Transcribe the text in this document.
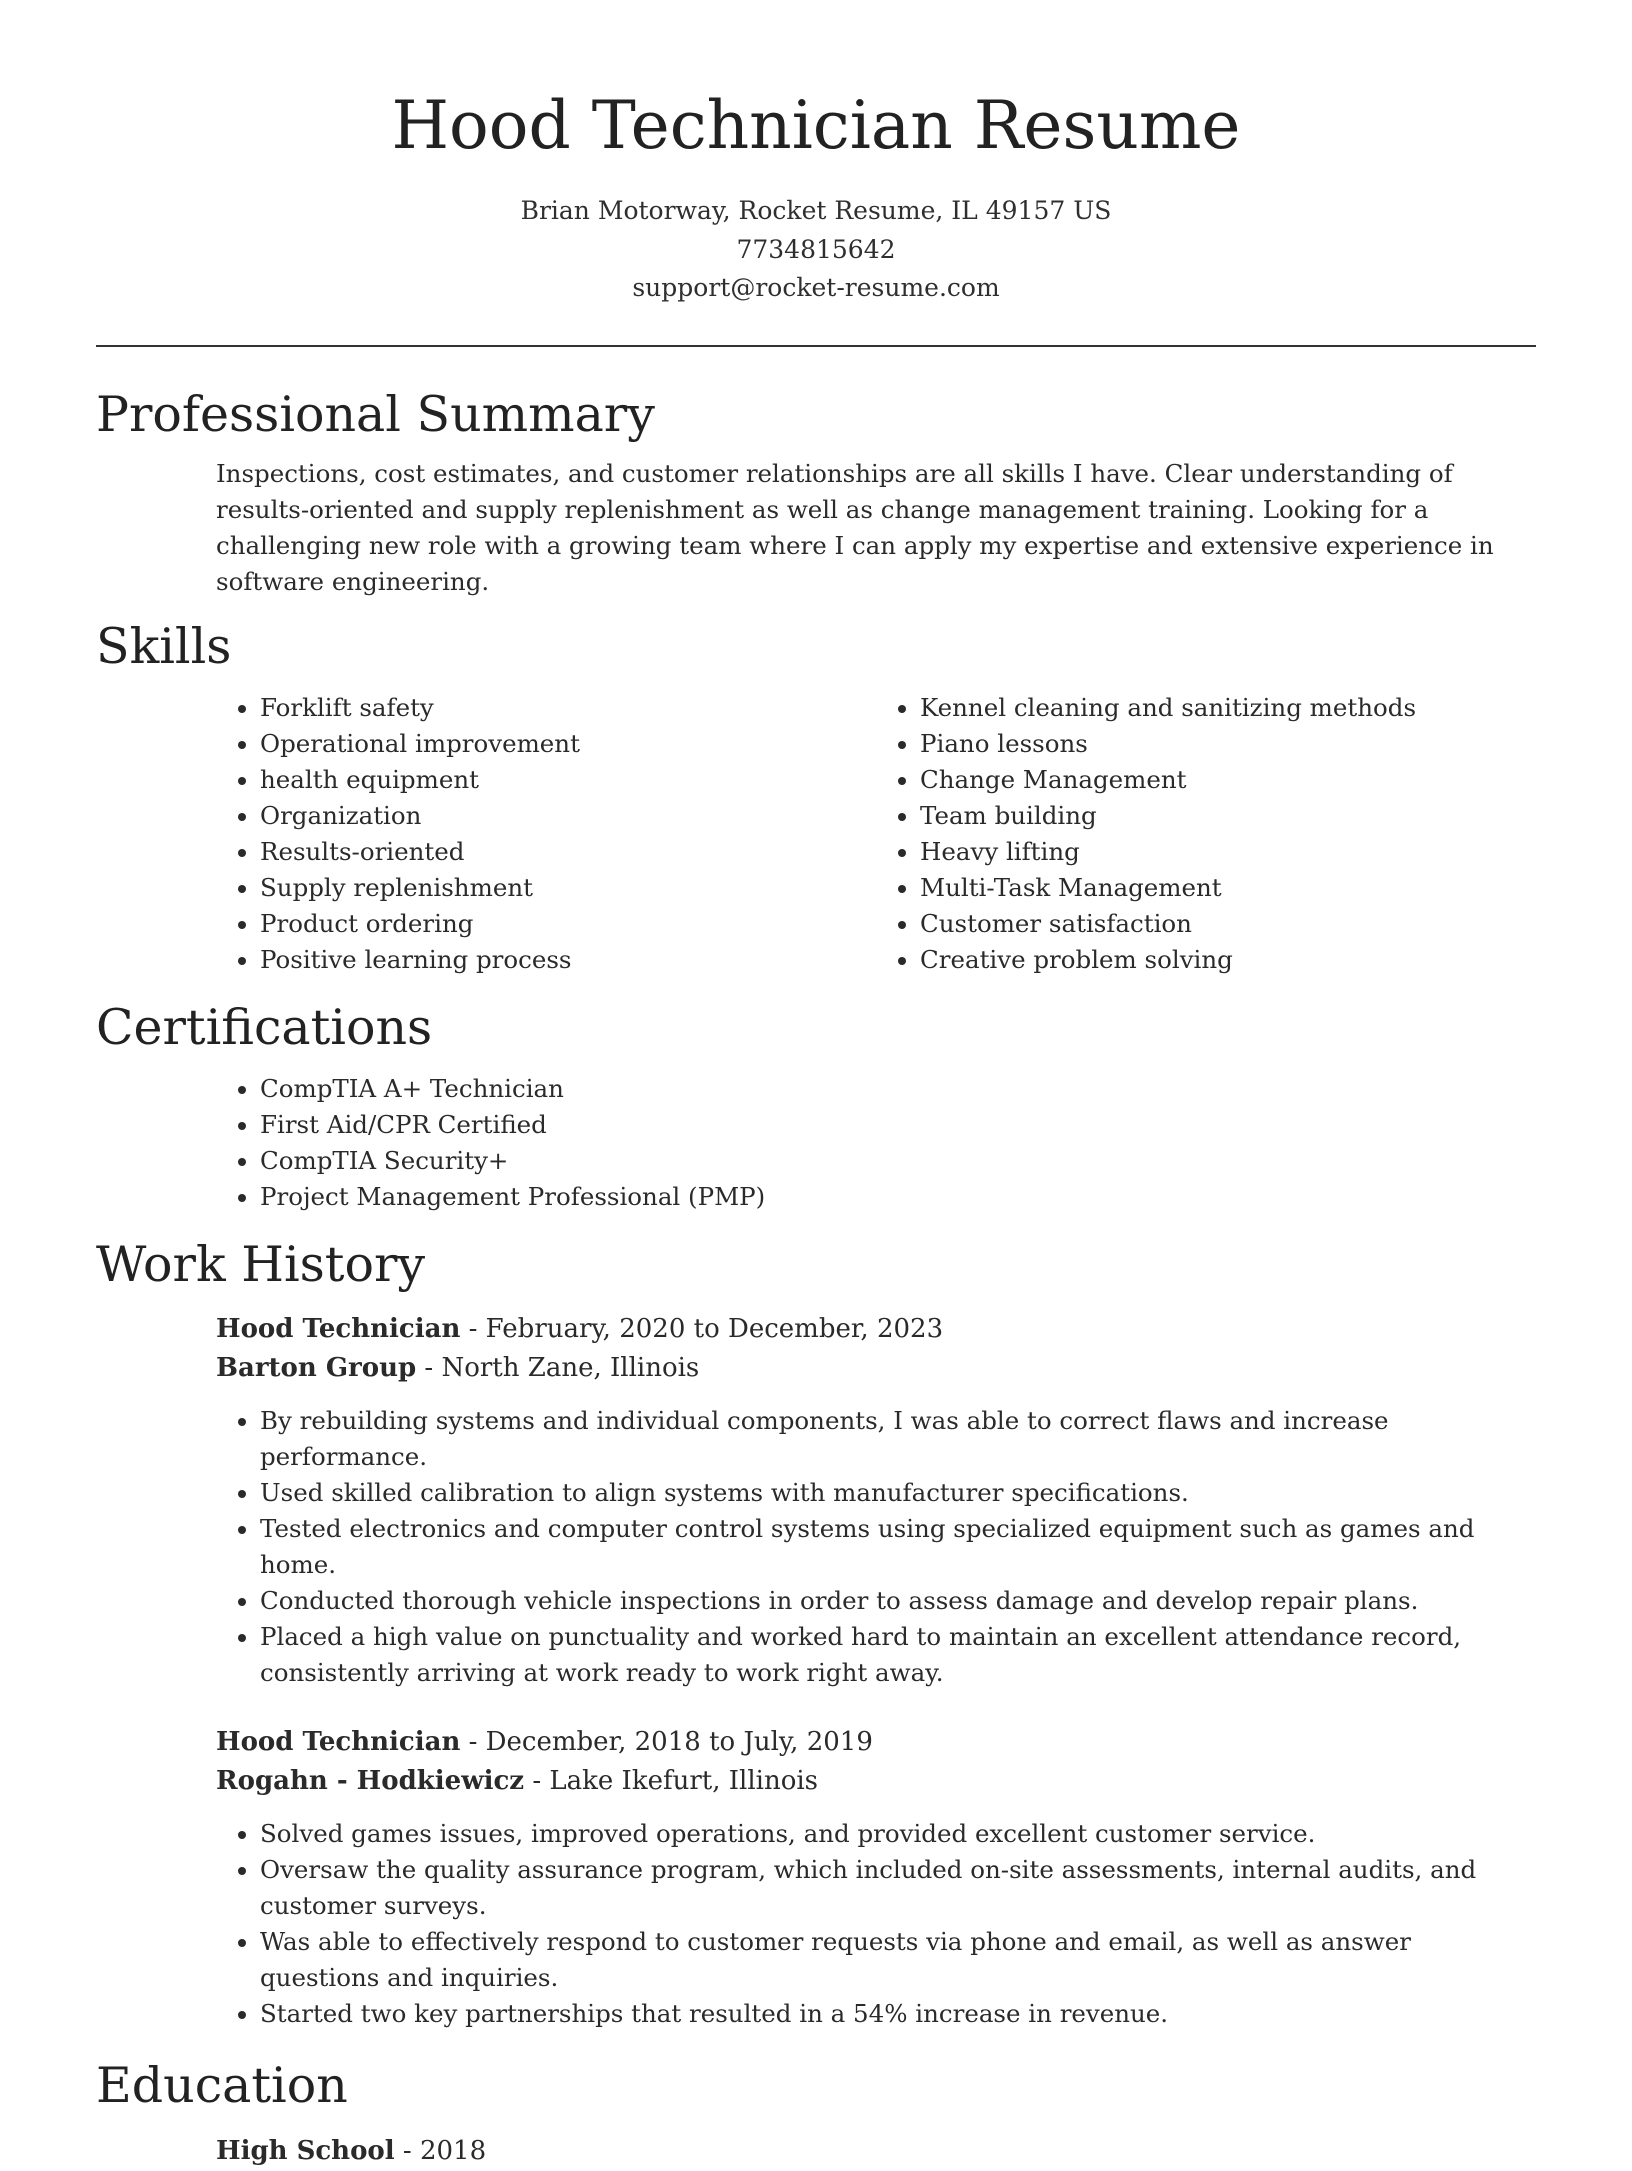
Hood Technician Resume
Brian Motorway, Rocket Resume, IL 49157 US
7734815642
support@rocket-resume.com
Professional Summary

Inspections, cost estimates, and customer relationships are all skills I have. Clear understanding of results-oriented and supply replenishment as well as change management training. Looking for a challenging new role with a growing team where I can apply my expertise and extensive experience in software engineering.

Skills
• Forklift safety
• Operational improvement
• health equipment
• Organization
• Results-oriented
• Supply replenishment
• Product ordering
• Positive learning process
• Kennel cleaning and sanitizing methods
• Piano lessons
• Change Management
• Team building
• Heavy lifting
• Multi-Task Management
• Customer satisfaction
• Creative problem solving
Certifications
• CompTIA A+ Technician
• First Aid/CPR Certified
• CompTIA Security+
• Project Management Professional (PMP)
Work History

Hood Technician - February, 2020 to December, 2023

Barton Group - North Zane, Illinois

• By rebuilding systems and individual components, I was able to correct flaws and increase performance.
• Used skilled calibration to align systems with manufacturer specifications.
• Tested electronics and computer control systems using specialized equipment such as games and home.
• Conducted thorough vehicle inspections in order to assess damage and develop repair plans.
• Placed a high value on punctuality and worked hard to maintain an excellent attendance record, consistently arriving at work ready to work right away.

Hood Technician - December, 2018 to July, 2019

Rogahn - Hodkiewicz - Lake Ikefurt, Illinois

• Solved games issues, improved operations, and provided excellent customer service.
• Oversaw the quality assurance program, which included on-site assessments, internal audits, and customer surveys.
• Was able to effectively respond to customer requests via phone and email, as well as answer questions and inquiries.
• Started two key partnerships that resulted in a 54% increase in revenue.
Education

High School - 2018
